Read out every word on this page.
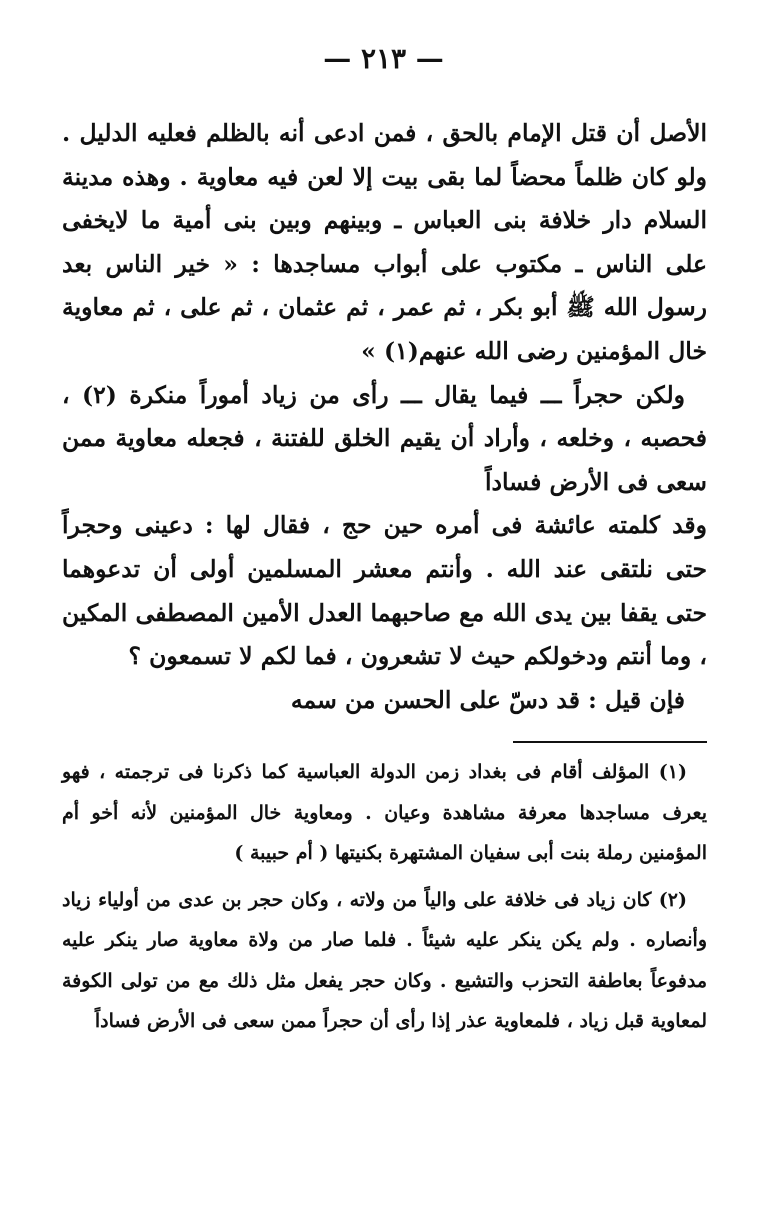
— ٢١٣ —

الأصل أن قتل الإمام بالحق ، فمن ادعى أنه بالظلم فعليه الدليل . ولو كان ظلماً محضاً لما بقى بيت إلا لعن فيه معاوية . وهذه مدينة السلام دار خلافة بنى العباس ـ وبينهم وبين بنى أمية ما لايخفى على الناس ـ مكتوب على أبواب مساجدها : « خير الناس بعد رسول الله ﷺ أبو بكر ، ثم عمر ، ثم عثمان ، ثم على ، ثم معاوية خال المؤمنين رضى الله عنهم(١) »

ولكن حجراً ـــ فيما يقال ـــ رأى من زياد أموراً منكرة (٢) ، فحصبه ، وخلعه ، وأراد أن يقيم الخلق للفتنة ، فجعله معاوية ممن سعى فى الأرض فساداً

وقد كلمته عائشة فى أمره حين حج ، فقال لها : دعينى وحجراً حتى نلتقى عند الله . وأنتم معشر المسلمين أولى أن تدعوهما حتى يقفا بين يدى الله مع صاحبهما العدل الأمين المصطفى المكين ، وما أنتم ودخولكم حيث لا تشعرون ، فما لكم لا تسمعون ؟

فإن قيل : قد دسّ على الحسن من سمه

(١) المؤلف أقام فى بغداد زمن الدولة العباسية كما ذكرنا فى ترجمته ، فهو يعرف مساجدها معرفة مشاهدة وعيان . ومعاوية خال المؤمنين لأنه أخو أم المؤمنين رملة بنت أبى سفيان المشتهرة بكنيتها ( أم حبيبة )

(٢) كان زياد فى خلافة على والياً من ولاته ، وكان حجر بن عدى من أولياء زياد وأنصاره . ولم يكن ينكر عليه شيئاً . فلما صار من ولاة معاوية صار ينكر عليه مدفوعاً بعاطفة التحزب والتشيع . وكان حجر يفعل مثل ذلك مع من تولى الكوفة لمعاوية قبل زياد ، فلمعاوية عذر إذا رأى أن حجراً ممن سعى فى الأرض فساداً
